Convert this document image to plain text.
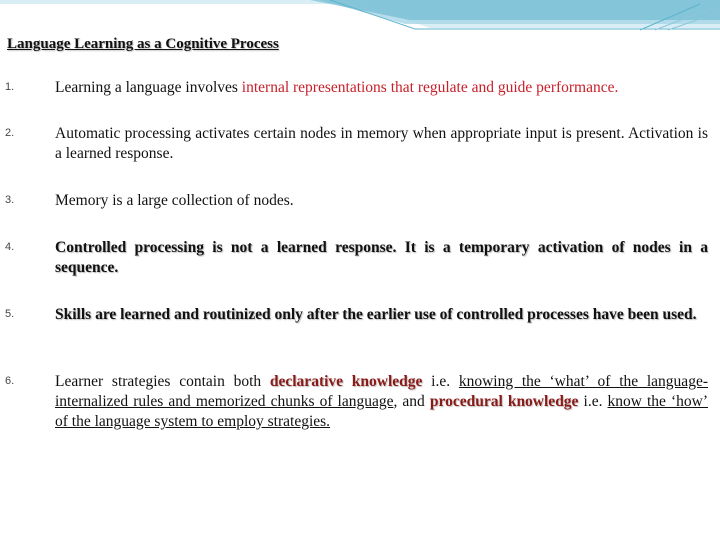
Language Learning as a Cognitive Process
1.	Learning a language involves internal representations that regulate and guide performance.
2.	Automatic processing activates certain nodes in memory when appropriate input is present. Activation is a learned response.
3.	Memory is a large collection of nodes.
4.	Controlled processing is not a learned response. It is a temporary activation of nodes in a sequence.
5.	Skills are learned and routinized only after the earlier use of controlled processes have been used.
6.	Learner strategies contain both declarative knowledge i.e. knowing the ‘what’ of the language-internalized rules and memorized chunks of language, and procedural knowledge i.e. know the ‘how’ of the language system to employ strategies.
